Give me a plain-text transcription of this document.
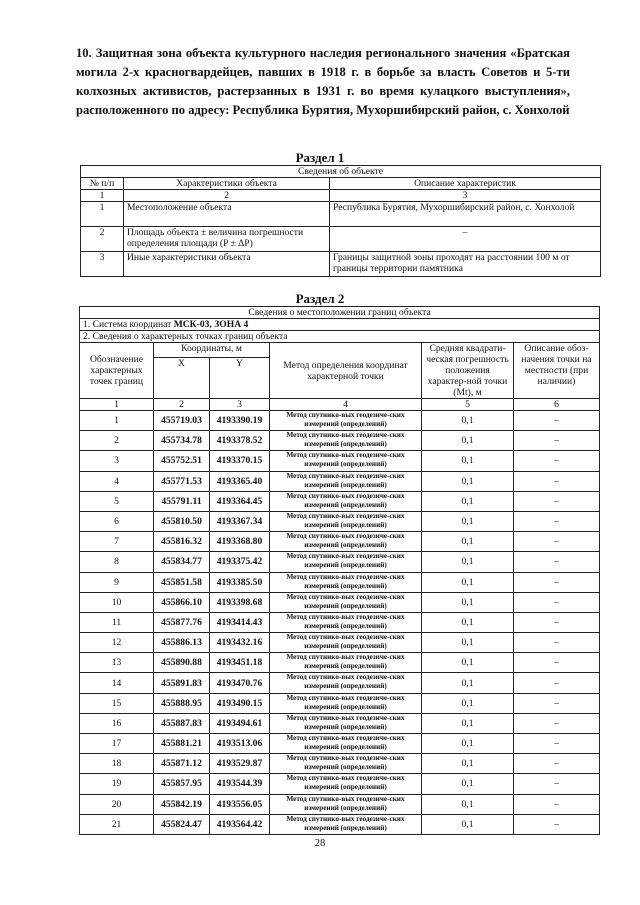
10. Защитная зона объекта культурного наследия регионального значения «Братская могила 2-х красногвардейцев, павших в 1918 г. в борьбе за власть Советов и 5-ти колхозных активистов, растерзанных в 1931 г. во время кулацкого выступления», расположенного по адресу: Республика Бурятия, Мухоршибирский район, с. Хонхолой
Раздел 1
Сведения об объекте		
№ п/п	Характеристики объекта	Описание характеристик
1	2	3
1	Местоположение объекта	Республика Бурятия, Мухоршибирский район, с. Хонхолой
2	Площадь объекта ± величина погрешности определения площади (P ± ΔP)	–
3	Иные характеристики объекта	Границы защитной зоны проходят на расстоянии 100 м от границы территории памятника
Раздел 2
Сведения о местоположении границ объекта					
1. Система координат МСК-03, ЗОНА 4					
2. Сведения о характерных точках границ объекта					
Обозначение характерных точек границ	Координаты, м		Метод определения координат характерной точки	Средняя квадрати-ческая погрешность положения характер-ной точки (Mt), м	Описание обоз-начения точки на местности (при наличии)
	X	Y			
1	2	3	4	5	6
1	455719.03	4193390.19	Метод спутнико-вых геодезиче-ских измерений (определений)	0,1	–
2	455734.78	4193378.52	Метод спутнико-вых геодезиче-ских измерений (определений)	0,1	–
3	455752.51	4193370.15	Метод спутнико-вых геодезиче-ских измерений (определений)	0,1	–
4	455771.53	4193365.40	Метод спутнико-вых геодезиче-ских измерений (определений)	0,1	–
5	455791.11	4193364.45	Метод спутнико-вых геодезиче-ских измерений (определений)	0,1	–
6	455810.50	4193367.34	Метод спутнико-вых геодезиче-ских измерений (определений)	0,1	–
7	455816.32	4193368.80	Метод спутнико-вых геодезиче-ских измерений (определений)	0,1	–
8	455834.77	4193375.42	Метод спутнико-вых геодезиче-ских измерений (определений)	0,1	–
9	455851.58	4193385.50	Метод спутнико-вых геодезиче-ских измерений (определений)	0,1	–
10	455866.10	4193398.68	Метод спутнико-вых геодезиче-ских измерений (определений)	0,1	–
11	455877.76	4193414.43	Метод спутнико-вых геодезиче-ских измерений (определений)	0,1	–
12	455886.13	4193432.16	Метод спутнико-вых геодезиче-ских измерений (определений)	0,1	–
13	455890.88	4193451.18	Метод спутнико-вых геодезиче-ских измерений (определений)	0,1	–
14	455891.83	4193470.76	Метод спутнико-вых геодезиче-ских измерений (определений)	0,1	–
15	455888.95	4193490.15	Метод спутнико-вых геодезиче-ских измерений (определений)	0,1	–
16	455887.83	4193494.61	Метод спутнико-вых геодезиче-ских измерений (определений)	0,1	–
17	455881.21	4193513.06	Метод спутнико-вых геодезиче-ских измерений (определений)	0,1	–
18	455871.12	4193529.87	Метод спутнико-вых геодезиче-ских измерений (определений)	0,1	–
19	455857.95	4193544.39	Метод спутнико-вых геодезиче-ских измерений (определений)	0,1	–
20	455842.19	4193556.05	Метод спутнико-вых геодезиче-ских измерений (определений)	0,1	–
21	455824.47	4193564.42	Метод спутнико-вых геодезиче-ских измерений (определений)	0,1	–
28
